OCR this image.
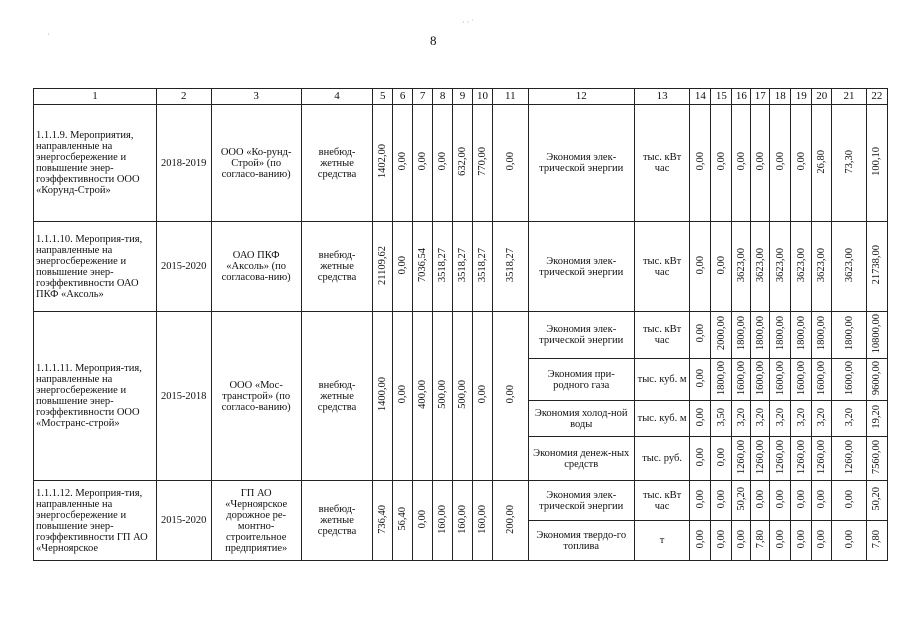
8
· · ˙
·
1	2	3	4	5	6	7	8	9	10	11	12	13	14	15	16	17	18	19	20	21	22
1.1.1.9. Мероприятия, направленные на энергосбережение и повышение энер-гоэффективности ООО «Корунд-Строй»	2018-2019	ООО «Ко-рунд-Строй» (по согласо-ванию)	внебюд-жетные средства	1402,00	0,00	0,00	0,00	632,00	770,00	0,00	Экономия элек-трической энергии	тыс. кВт час	0,00	0,00	0,00	0,00	0,00	0,00	26,80	73,30	100,10
1.1.1.10. Мероприя-тия, направленные на энергосбережение и повышение энер-гоэффективности ОАО ПКФ «Аксоль»	2015-2020	ОАО ПКФ «Аксоль» (по согласова-нию)	внебюд-жетные средства	21109,62	0,00	7036,54	3518,27	3518,27	3518,27	3518,27	Экономия элек-трической энергии	тыс. кВт час	0,00	0,00	3623,00	3623,00	3623,00	3623,00	3623,00	3623,00	21738,00
1.1.1.11. Мероприя-тия, направленные на энергосбережение и повышение энер-гоэффективности ООО «Мостранс-строй»	2015-2018	ООО «Мос-транстрой» (по согласо-ванию)	внебюд-жетные средства	1400,00	0,00	400,00	500,00	500,00	0,00	0,00	Экономия элек-трической энергии	тыс. кВт час	0,00	2000,00	1800,00	1800,00	1800,00	1800,00	1800,00	1800,00	10800,00
											Экономия при-родного газа	тыс. куб. м	0,00	1800,00	1600,00	1600,00	1600,00	1600,00	1600,00	1600,00	9600,00
											Экономия холод-ной воды	тыс. куб. м	0,00	3,50	3,20	3,20	3,20	3,20	3,20	3,20	19,20
											Экономия денеж-ных средств	тыс. руб.	0,00	0,00	1260,00	1260,00	1260,00	1260,00	1260,00	1260,00	7560,00
1.1.1.12. Мероприя-тия, направленные на энергосбережение и повышение энер-гоэффективности ГП АО «Черноярское	2015-2020	ГП АО «Черноярское дорожное ре-монтно-строительное предприятие»	внебюд-жетные средства	736,40	56,40	0,00	160,00	160,00	160,00	200,00	Экономия элек-трической энергии	тыс. кВт час	0,00	0,00	50,20	0,00	0,00	0,00	0,00	0,00	50,20
											Экономия твердо-го топлива	т	0,00	0,00	0,00	7,80	0,00	0,00	0,00	0,00	7,80
